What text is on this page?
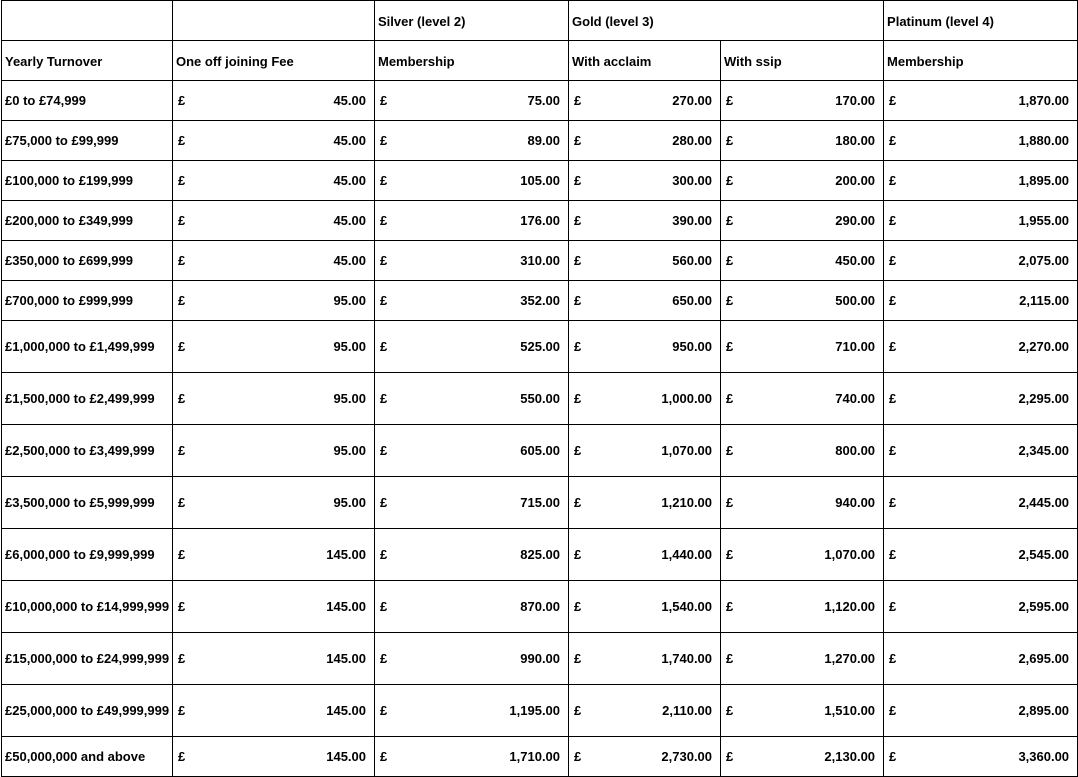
			Silver (level 2)		Gold (level 3)				Platinum (level 4)	
Yearly Turnover	One off joining Fee		Membership		With acclaim		With ssip		Membership	
£0 to £74,999	£	45.00	£	75.00	£	270.00	£	170.00	£	1,870.00
£75,000 to £99,999	£	45.00	£	89.00	£	280.00	£	180.00	£	1,880.00
£100,000 to £199,999	£	45.00	£	105.00	£	300.00	£	200.00	£	1,895.00
£200,000 to £349,999	£	45.00	£	176.00	£	390.00	£	290.00	£	1,955.00
£350,000 to £699,999	£	45.00	£	310.00	£	560.00	£	450.00	£	2,075.00
£700,000 to £999,999	£	95.00	£	352.00	£	650.00	£	500.00	£	2,115.00
£1,000,000 to £1,499,999	£	95.00	£	525.00	£	950.00	£	710.00	£	2,270.00
£1,500,000 to £2,499,999	£	95.00	£	550.00	£	1,000.00	£	740.00	£	2,295.00
£2,500,000 to £3,499,999	£	95.00	£	605.00	£	1,070.00	£	800.00	£	2,345.00
£3,500,000 to £5,999,999	£	95.00	£	715.00	£	1,210.00	£	940.00	£	2,445.00
£6,000,000 to £9,999,999	£	145.00	£	825.00	£	1,440.00	£	1,070.00	£	2,545.00
£10,000,000 to £14,999,999	£	145.00	£	870.00	£	1,540.00	£	1,120.00	£	2,595.00
£15,000,000 to £24,999,999	£	145.00	£	990.00	£	1,740.00	£	1,270.00	£	2,695.00
£25,000,000 to £49,999,999	£	145.00	£	1,195.00	£	2,110.00	£	1,510.00	£	2,895.00
£50,000,000 and above	£	145.00	£	1,710.00	£	2,730.00	£	2,130.00	£	3,360.00
